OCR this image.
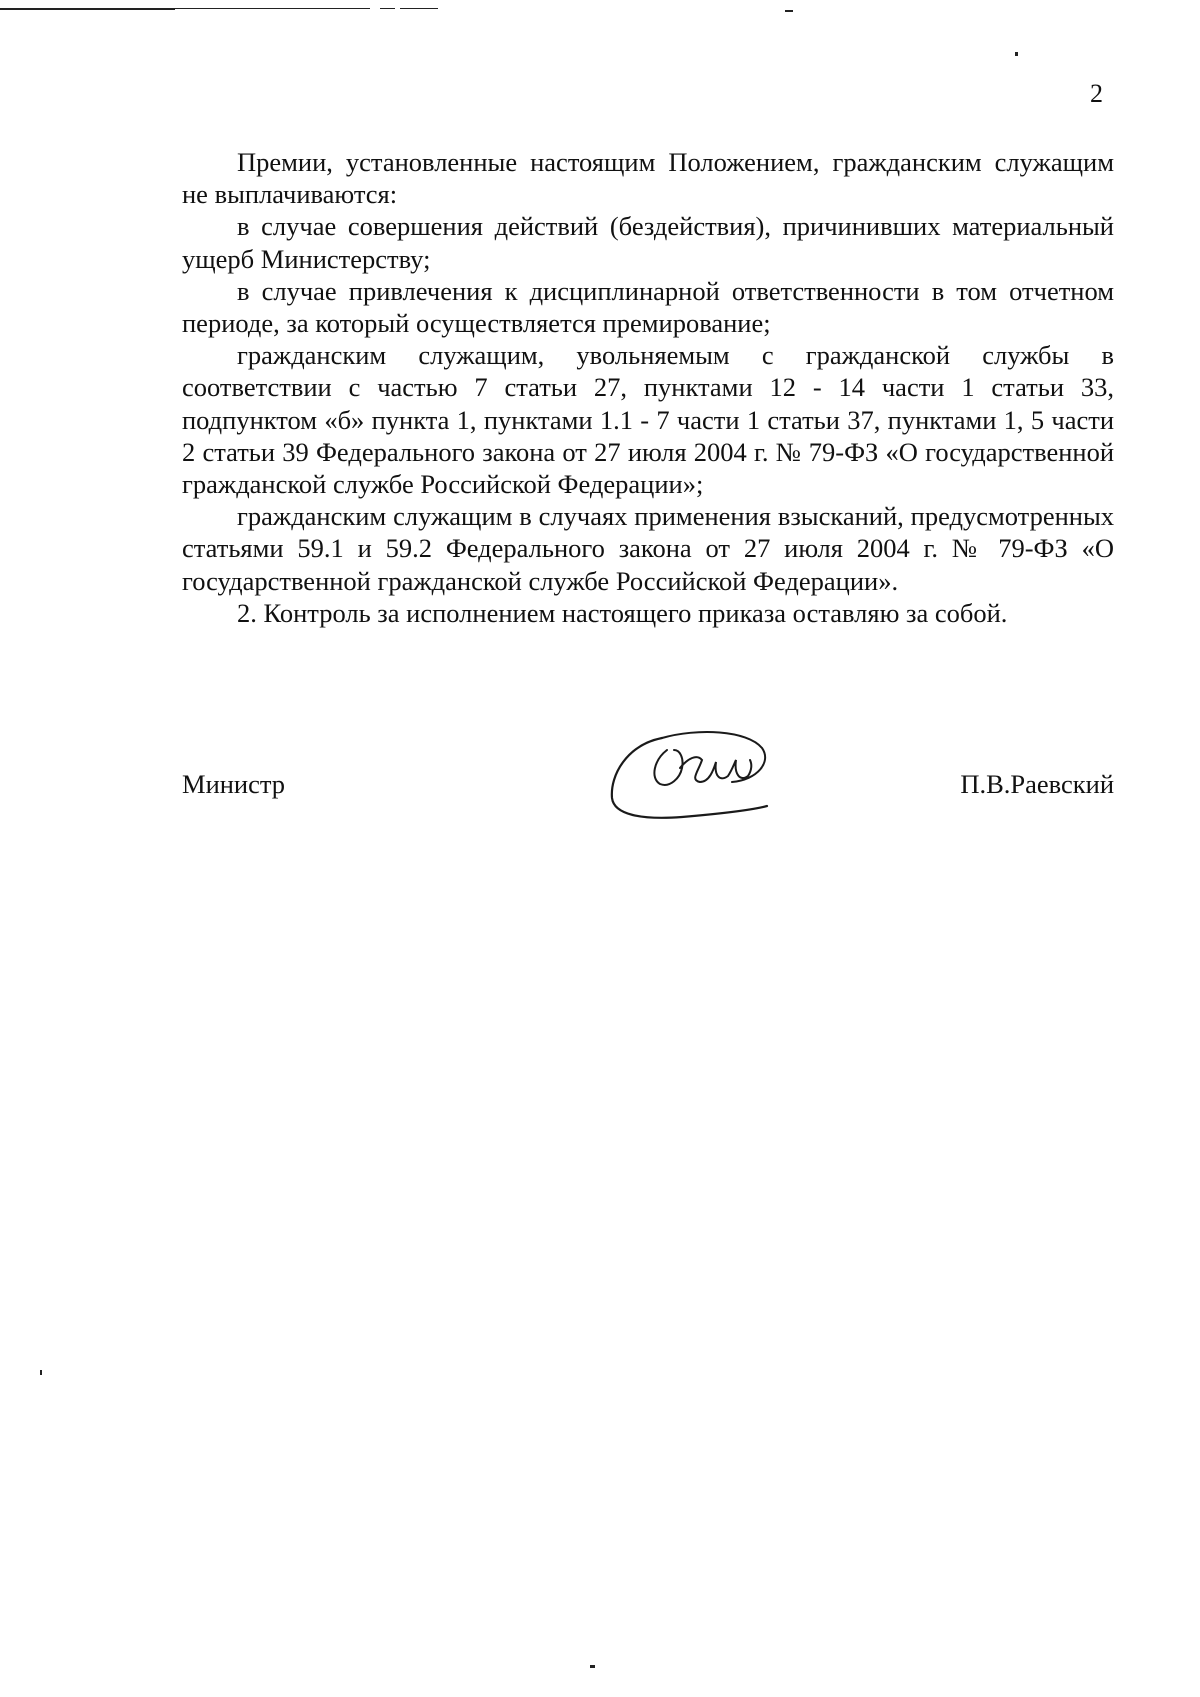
2

Премии, установленные настоящим Положением, гражданским служащим не выплачиваются:

в случае совершения действий (бездействия), причинивших материальный ущерб Министерству;

в случае привлечения к дисциплинарной ответственности в том отчетном периоде, за который осуществляется премирование;

гражданским служащим, увольняемым с гражданской службы в соответствии с частью 7 статьи 27, пунктами 12 - 14 части 1 статьи 33, подпунктом «б» пункта 1, пунктами 1.1 - 7 части 1 статьи 37, пунктами 1, 5 части 2 статьи 39 Федерального закона от 27 июля 2004 г. № 79-ФЗ «О государственной гражданской службе Российской Федерации»;

гражданским служащим в случаях применения взысканий, предусмотренных статьями 59.1 и 59.2 Федерального закона от 27 июля 2004 г. № 79-ФЗ «О государственной гражданской службе Российской Федерации».

2. Контроль за исполнением настоящего приказа оставляю за собой.

Министр	П.В.Раевский
